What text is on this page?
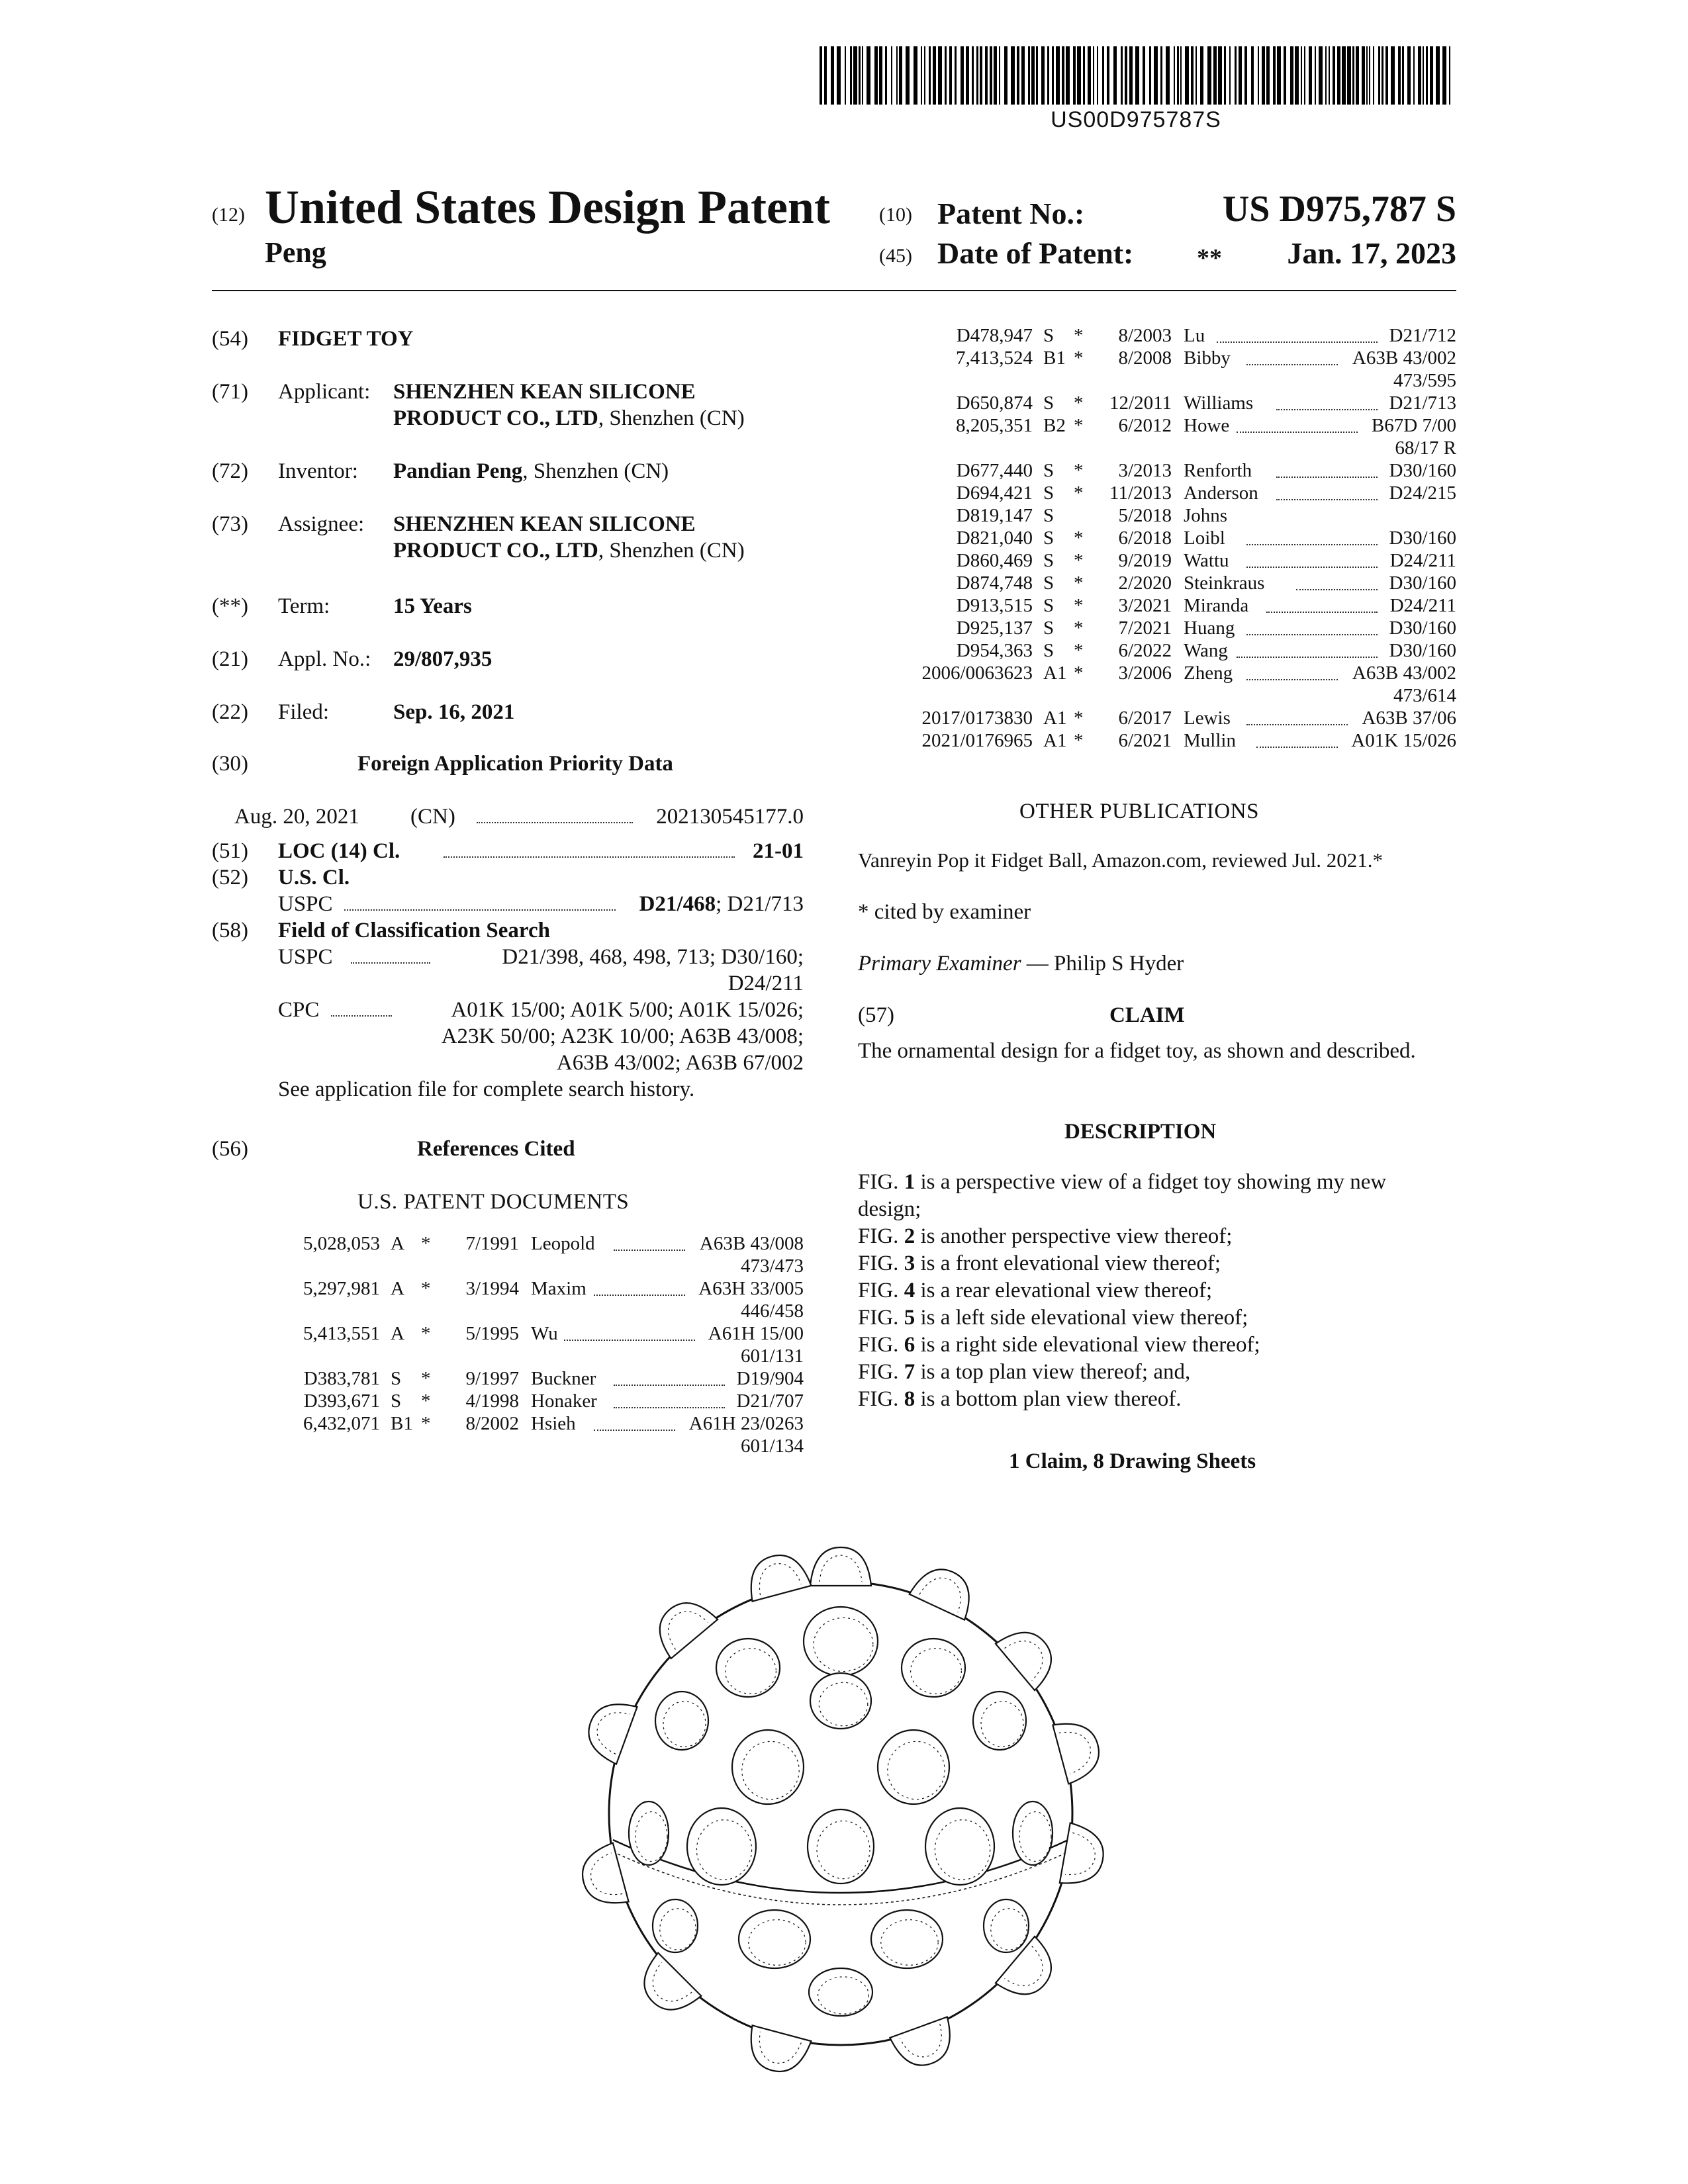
US00D975787S
(12) United States Design Patent
Peng
(10) Patent No.:	US D975,787 S
(45) Date of Patent:	**	Jan. 17, 2023
(54) FIDGET TOY
(71) Applicant: SHENZHEN KEAN SILICONE
PRODUCT CO., LTD, Shenzhen (CN)
(72) Inventor: Pandian Peng, Shenzhen (CN)
(73) Assignee: SHENZHEN KEAN SILICONE
PRODUCT CO., LTD, Shenzhen (CN)
(**) Term:	15 Years
(21) Appl. No.: 29/807,935
(22) Filed:	Sep. 16, 2021
(30)	Foreign Application Priority Data
Aug. 20, 2021 (CN)	202130545177.0
(51) LOC (14) Cl.	21-01
(52) U.S. Cl.
USPC	D21/468; D21/713
(58) Field of Classification Search
USPC	D21/398, 468, 498, 713; D30/160;
D24/211
CPC	A01K 15/00; A01K 5/00; A01K 15/026;
A23K 50/00; A23K 10/00; A63B 43/008;
A63B 43/002; A63B 67/002
See application file for complete search history.
(56)	References Cited
U.S. PATENT DOCUMENTS
5,028,053 A *	7/1991 Leopold	A63B 43/008
473/473
5,297,981 A *	3/1994 Maxim	A63H 33/005
446/458
5,413,551 A *	5/1995 Wu	A61H 15/00
601/131
D383,781 S	*	9/1997 Buckner	D19/904
D393,671 S	*	4/1998 Honaker	D21/707
6,432,071 B1 *	8/2002 Hsieh	A61H 23/0263
601/134
D478,947 S	*	8/2003 Lu	D21/712
7,413,524 B1 *	8/2008 Bibby	A63B 43/002
473/595
D650,874 S	*	12/2011 Williams	D21/713
8,205,351 B2 *	6/2012 Howe	B67D 7/00
68/17 R
D677,440 S	*	3/2013 Renforth	D30/160
D694,421 S	*	11/2013 Anderson	D24/215
D819,147 S	5/2018 Johns
D821,040 S	*	6/2018 Loibl	D30/160
D860,469 S	*	9/2019 Wattu	D24/211
D874,748 S	*	2/2020 Steinkraus	D30/160
D913,515 S	*	3/2021 Miranda	D24/211
D925,137 S	*	7/2021 Huang	D30/160
D954,363 S	*	6/2022 Wang	D30/160
2006/0063623 A1 *	3/2006 Zheng	A63B 43/002
473/614
2017/0173830 A1 *	6/2017 Lewis	A63B 37/06
2021/0176965 A1 *	6/2021 Mullin	A01K 15/026
OTHER PUBLICATIONS
Vanreyin Pop it Fidget Ball, Amazon.com, reviewed Jul. 2021.*
* cited by examiner
Primary Examiner — Philip S Hyder
(57)	CLAIM
The ornamental design for a fidget toy, as shown and described.
DESCRIPTION
FIG. 1 is a perspective view of a fidget toy showing my new
design;
FIG. 2 is another perspective view thereof;
FIG. 3 is a front elevational view thereof;
FIG. 4 is a rear elevational view thereof;
FIG. 5 is a left side elevational view thereof;
FIG. 6 is a right side elevational view thereof;
FIG. 7 is a top plan view thereof; and,
FIG. 8 is a bottom plan view thereof.
1 Claim, 8 Drawing Sheets
